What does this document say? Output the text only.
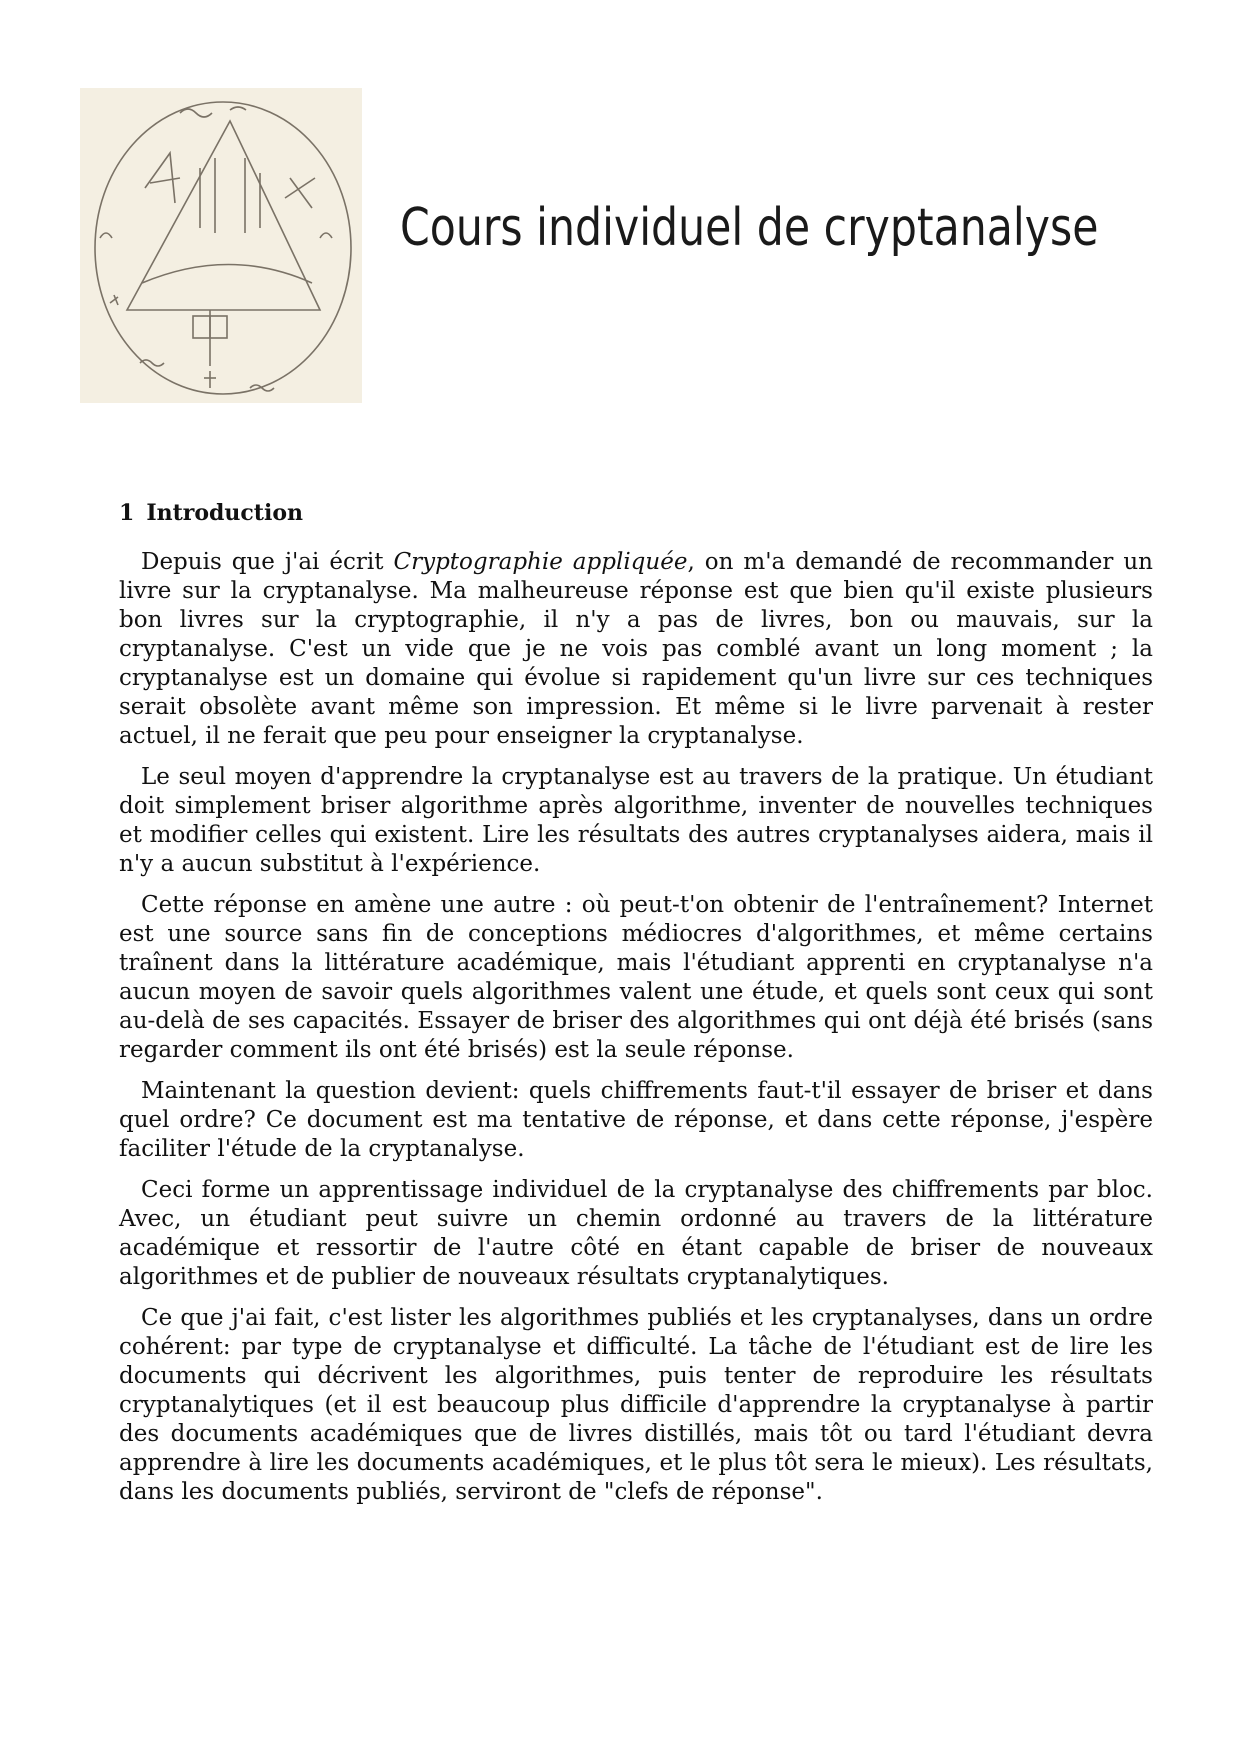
Cours individuel de cryptanalyse
1 Introduction

Depuis que j'ai écrit Cryptographie appliquée, on m'a demandé de recommander un livre sur la cryptanalyse. Ma malheureuse réponse est que bien qu'il existe plusieurs bon livres sur la cryptographie, il n'y a pas de livres, bon ou mauvais, sur la cryptanalyse. C'est un vide que je ne vois pas comblé avant un long moment ; la cryptanalyse est un domaine qui évolue si rapidement qu'un livre sur ces techniques serait obsolète avant même son impression. Et même si le livre parvenait à rester actuel, il ne ferait que peu pour enseigner la cryptanalyse.

Le seul moyen d'apprendre la cryptanalyse est au travers de la pratique. Un étudiant doit simplement briser algorithme après algorithme, inventer de nouvelles techniques et modifier celles qui existent. Lire les résultats des autres cryptanalyses aidera, mais il n'y a aucun substitut à l'expérience.

Cette réponse en amène une autre : où peut-t'on obtenir de l'entraînement? Internet est une source sans fin de conceptions médiocres d'algorithmes, et même certains traînent dans la littérature académique, mais l'étudiant apprenti en cryptanalyse n'a aucun moyen de savoir quels algorithmes valent une étude, et quels sont ceux qui sont au-delà de ses capacités. Essayer de briser des algorithmes qui ont déjà été brisés (sans regarder comment ils ont été brisés) est la seule réponse.

Maintenant la question devient: quels chiffrements faut-t'il essayer de briser et dans quel ordre? Ce document est ma tentative de réponse, et dans cette réponse, j'espère faciliter l'étude de la cryptanalyse.

Ceci forme un apprentissage individuel de la cryptanalyse des chiffrements par bloc. Avec, un étudiant peut suivre un chemin ordonné au travers de la littérature académique et ressortir de l'autre côté en étant capable de briser de nouveaux algorithmes et de publier de nouveaux résultats cryptanalytiques.

Ce que j'ai fait, c'est lister les algorithmes publiés et les cryptanalyses, dans un ordre cohérent: par type de cryptanalyse et difficulté. La tâche de l'étudiant est de lire les documents qui décrivent les algorithmes, puis tenter de reproduire les résultats cryptanalytiques (et il est beaucoup plus difficile d'apprendre la cryptanalyse à partir des documents académiques que de livres distillés, mais tôt ou tard l'étudiant devra apprendre à lire les documents académiques, et le plus tôt sera le mieux). Les résultats, dans les documents publiés, serviront de "clefs de réponse".
